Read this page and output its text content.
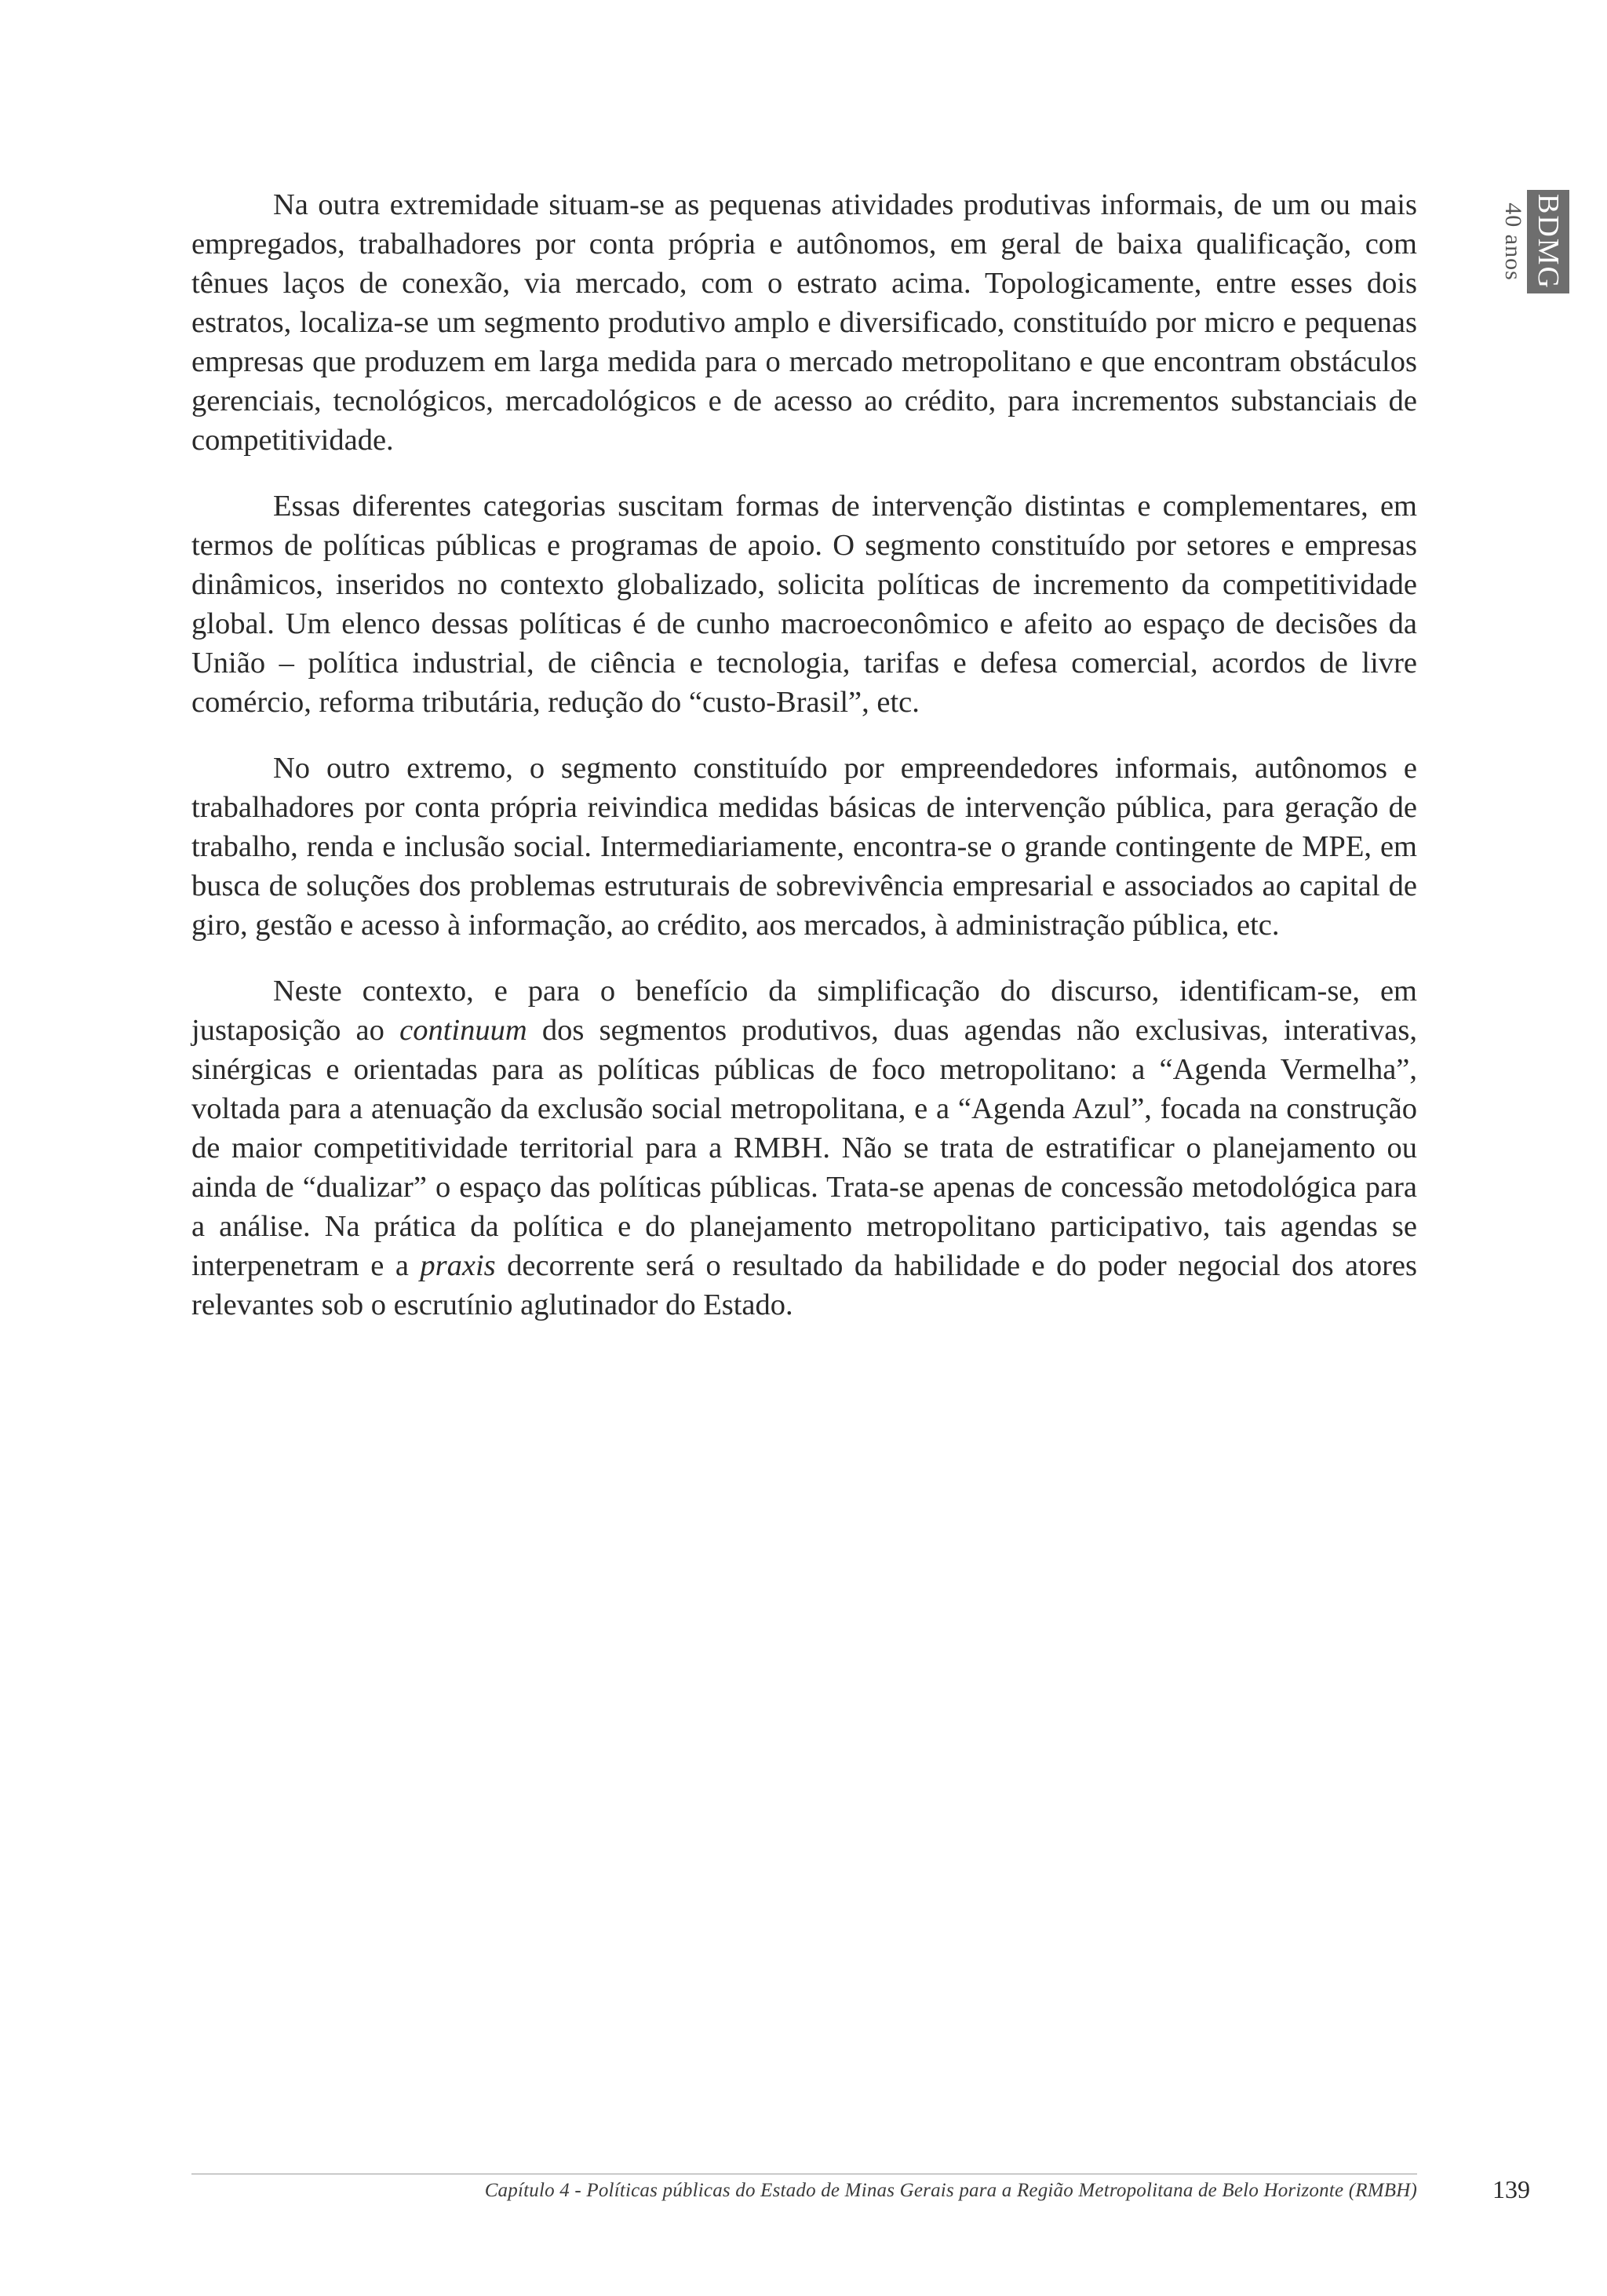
40 anos BDMG

Na outra extremidade situam-se as pequenas atividades produtivas informais, de um ou mais empregados, trabalhadores por conta própria e autônomos, em geral de baixa qualificação, com tênues laços de conexão, via mercado, com o estrato acima. Topologicamente, entre esses dois estratos, localiza-se um segmento produtivo amplo e diversificado, constituído por micro e pequenas empresas que produzem em larga medida para o mercado metropolitano e que encontram obstáculos gerenciais, tecnológicos, mercadológicos e de acesso ao crédito, para incrementos substanciais de competitividade.

Essas diferentes categorias suscitam formas de intervenção distintas e complementares, em termos de políticas públicas e programas de apoio. O segmento constituído por setores e empresas dinâmicos, inseridos no contexto globalizado, solicita políticas de incremento da competitividade global. Um elenco dessas políticas é de cunho macroeconômico e afeito ao espaço de decisões da União – política industrial, de ciência e tecnologia, tarifas e defesa comercial, acordos de livre comércio, reforma tributária, redução do “custo-Brasil”, etc.

No outro extremo, o segmento constituído por empreendedores informais, autônomos e trabalhadores por conta própria reivindica medidas básicas de intervenção pública, para geração de trabalho, renda e inclusão social. Intermediariamente, encontra-se o grande contingente de MPE, em busca de soluções dos problemas estruturais de sobrevivência empresarial e associados ao capital de giro, gestão e acesso à informação, ao crédito, aos mercados, à administração pública, etc.

Neste contexto, e para o benefício da simplificação do discurso, identificam-se, em justaposição ao continuum dos segmentos produtivos, duas agendas não exclusivas, interativas, sinérgicas e orientadas para as políticas públicas de foco metropolitano: a “Agenda Vermelha”, voltada para a atenuação da exclusão social metropolitana, e a “Agenda Azul”, focada na construção de maior competitividade territorial para a RMBH. Não se trata de estratificar o planejamento ou ainda de “dualizar” o espaço das políticas públicas. Trata-se apenas de concessão metodológica para a análise. Na prática da política e do planejamento metropolitano participativo, tais agendas se interpenetram e a praxis decorrente será o resultado da habilidade e do poder negocial dos atores relevantes sob o escrutínio aglutinador do Estado.

Capítulo 4 - Políticas públicas do Estado de Minas Gerais para a Região Metropolitana de Belo Horizonte (RMBH)	139
